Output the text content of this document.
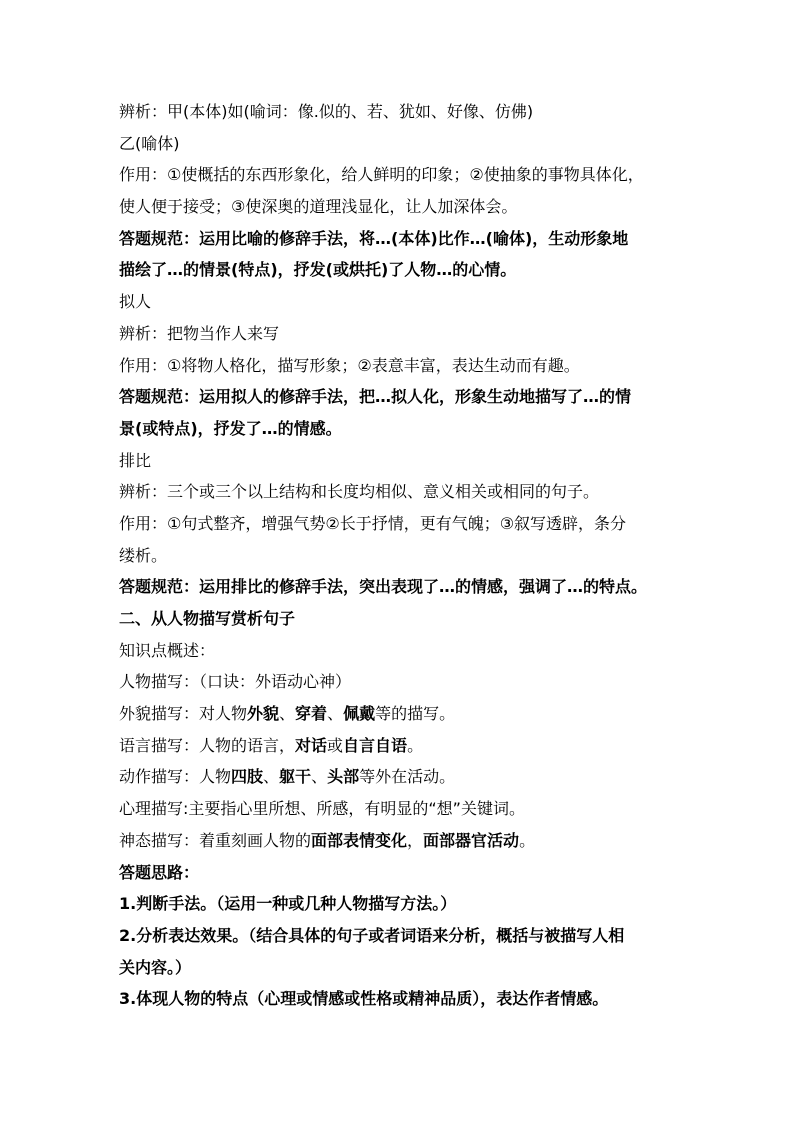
辨析：甲(本体)如(喻词：像.似的、若、犹如、好像、仿佛)
乙(喻体)
作用：①使概括的东西形象化，给人鲜明的印象；②使抽象的事物具体化，
使人便于接受；③使深奥的道理浅显化，让人加深体会。
答题规范：运用比喻的修辞手法，将…(本体)比作…(喻体)，生动形象地
描绘了…的情景(特点)，抒发(或烘托)了人物…的心情。
拟人
辨析：把物当作人来写
作用：①将物人格化，描写形象；②表意丰富，表达生动而有趣。
答题规范：运用拟人的修辞手法，把…拟人化，形象生动地描写了…的情
景(或特点)，抒发了…的情感。
排比
辨析：三个或三个以上结构和长度均相似、意义相关或相同的句子。
作用：①句式整齐，增强气势②长于抒情，更有气魄；③叙写透辟，条分
缕析。
答题规范：运用排比的修辞手法，突出表现了…的情感，强调了…的特点。
二、从人物描写赏析句子
知识点概述：
人物描写：（口诀：外语动心神）
外貌描写：对人物外貌、穿着、佩戴等的描写。
语言描写：人物的语言，对话或自言自语。
动作描写：人物四肢、躯干、头部等外在活动。
心理描写:主要指心里所想、所感，有明显的“想”关键词。
神态描写：着重刻画人物的面部表情变化，面部器官活动。
答题思路：
1.判断手法。（运用一种或几种人物描写方法。）
2.分析表达效果。（结合具体的句子或者词语来分析，概括与被描写人相
关内容。）
3.体现人物的特点（心理或情感或性格或精神品质），表达作者情感。
